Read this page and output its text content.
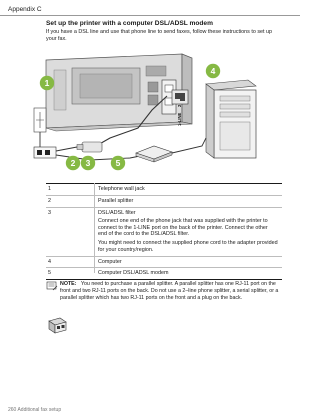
Appendix C
Set up the printer with a computer DSL/ADSL modem
If you have a DSL line and use that phone line to send faxes, follow these instructions to set up your fax.
1-LINE
1
4
2 3	5
1	Telephone wall jack
2	Parallel splitter
3	DSL/ADSL filter
Connect one end of the phone jack that was supplied with the printer to connect to the 1-LINE port on the back of the printer. Connect the other end of the cord to the DSL/ADSL filter.
You might need to connect the supplied phone cord to the adapter provided for your country/region.
4	Computer
5	Computer DSL/ADSL modem
NOTE: You need to purchase a parallel splitter. A parallel splitter has one RJ-11 port on the front and two RJ-11 ports on the back. Do not use a 2–line phone splitter, a serial splitter, or a parallel splitter which has two RJ-11 ports on the front and a plug on the back.
260 Additional fax setup
